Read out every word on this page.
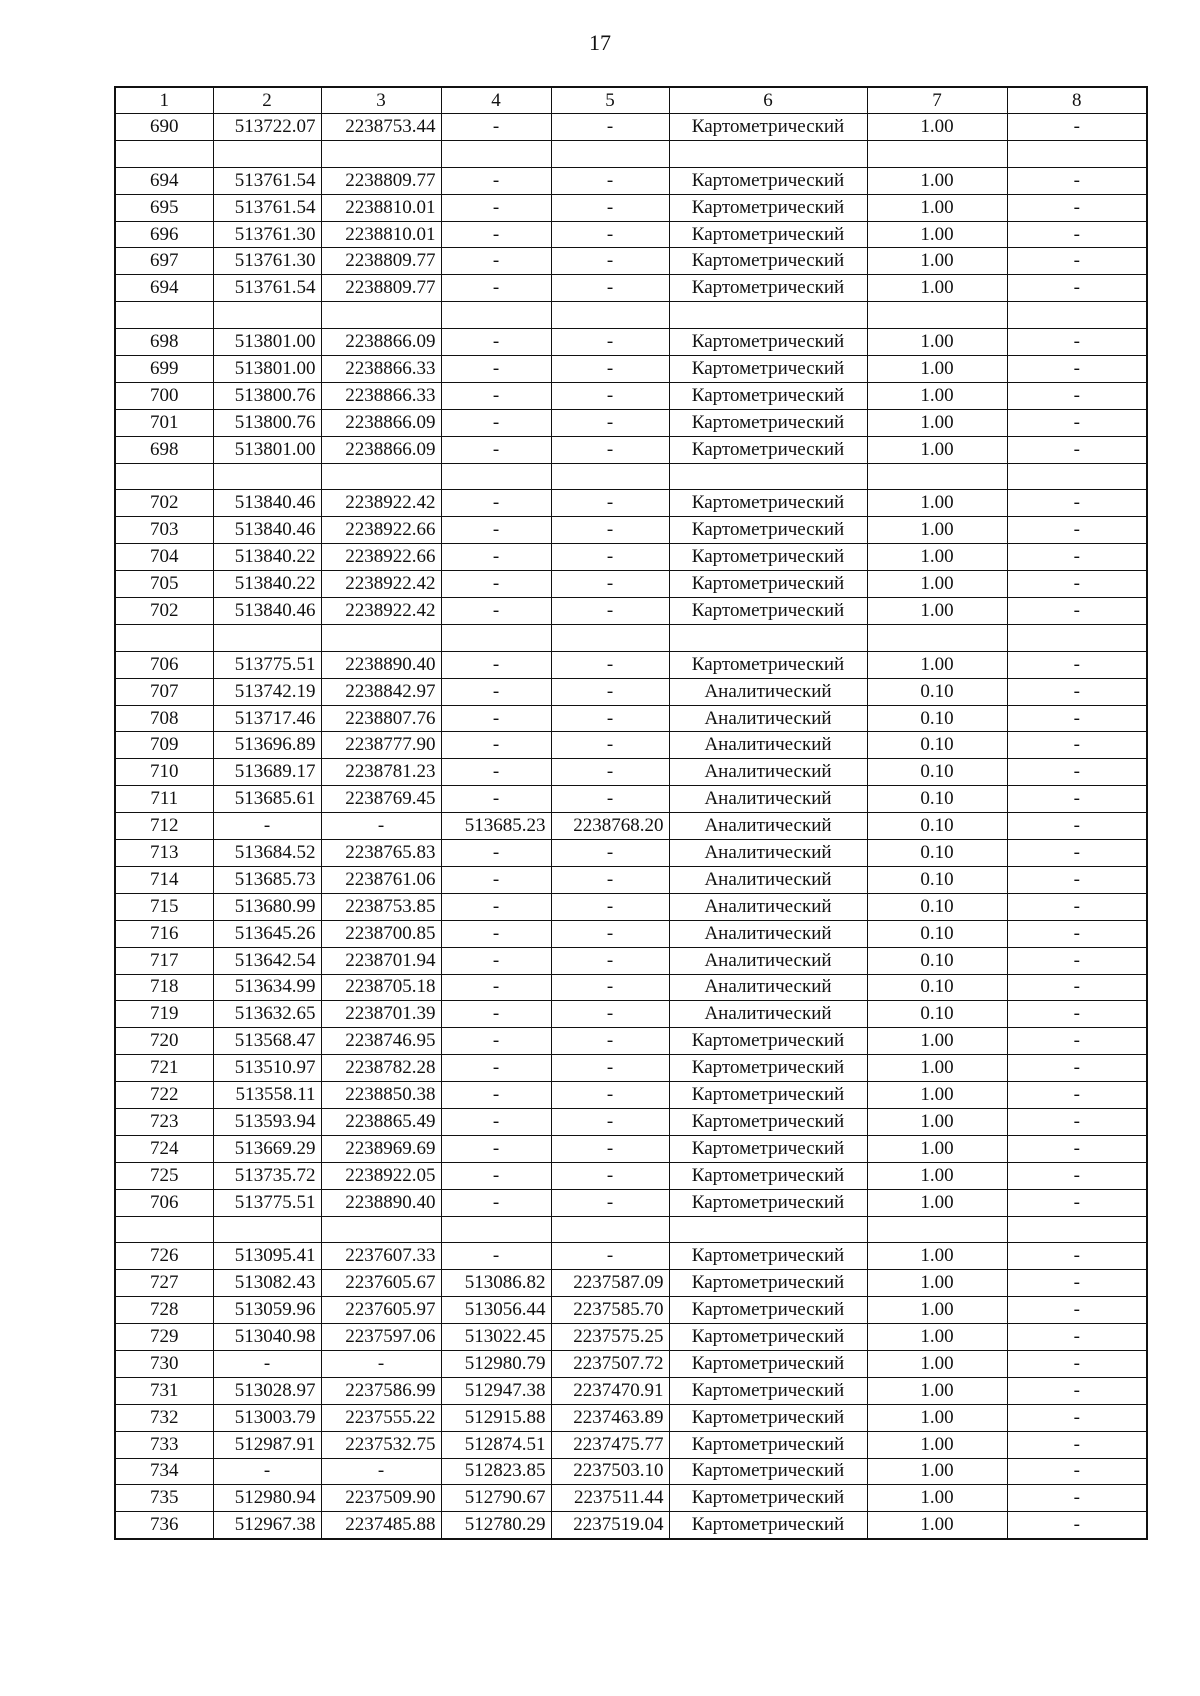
17
1	2	3	4	5	6	7	8
690	513722.07	2238753.44	-	-	Картометрический	1.00	-

694	513761.54	2238809.77	-	-	Картометрический	1.00	-
695	513761.54	2238810.01	-	-	Картометрический	1.00	-
696	513761.30	2238810.01	-	-	Картометрический	1.00	-
697	513761.30	2238809.77	-	-	Картометрический	1.00	-
694	513761.54	2238809.77	-	-	Картометрический	1.00	-

698	513801.00	2238866.09	-	-	Картометрический	1.00	-
699	513801.00	2238866.33	-	-	Картометрический	1.00	-
700	513800.76	2238866.33	-	-	Картометрический	1.00	-
701	513800.76	2238866.09	-	-	Картометрический	1.00	-
698	513801.00	2238866.09	-	-	Картометрический	1.00	-

702	513840.46	2238922.42	-	-	Картометрический	1.00	-
703	513840.46	2238922.66	-	-	Картометрический	1.00	-
704	513840.22	2238922.66	-	-	Картометрический	1.00	-
705	513840.22	2238922.42	-	-	Картометрический	1.00	-
702	513840.46	2238922.42	-	-	Картометрический	1.00	-

706	513775.51	2238890.40	-	-	Картометрический	1.00	-
707	513742.19	2238842.97	-	-	Аналитический	0.10	-
708	513717.46	2238807.76	-	-	Аналитический	0.10	-
709	513696.89	2238777.90	-	-	Аналитический	0.10	-
710	513689.17	2238781.23	-	-	Аналитический	0.10	-
711	513685.61	2238769.45	-	-	Аналитический	0.10	-
712	-	-	513685.23	2238768.20	Аналитический	0.10	-
713	513684.52	2238765.83	-	-	Аналитический	0.10	-
714	513685.73	2238761.06	-	-	Аналитический	0.10	-
715	513680.99	2238753.85	-	-	Аналитический	0.10	-
716	513645.26	2238700.85	-	-	Аналитический	0.10	-
717	513642.54	2238701.94	-	-	Аналитический	0.10	-
718	513634.99	2238705.18	-	-	Аналитический	0.10	-
719	513632.65	2238701.39	-	-	Аналитический	0.10	-
720	513568.47	2238746.95	-	-	Картометрический	1.00	-
721	513510.97	2238782.28	-	-	Картометрический	1.00	-
722	513558.11	2238850.38	-	-	Картометрический	1.00	-
723	513593.94	2238865.49	-	-	Картометрический	1.00	-
724	513669.29	2238969.69	-	-	Картометрический	1.00	-
725	513735.72	2238922.05	-	-	Картометрический	1.00	-
706	513775.51	2238890.40	-	-	Картометрический	1.00	-

726	513095.41	2237607.33	-	-	Картометрический	1.00	-
727	513082.43	2237605.67	513086.82	2237587.09	Картометрический	1.00	-
728	513059.96	2237605.97	513056.44	2237585.70	Картометрический	1.00	-
729	513040.98	2237597.06	513022.45	2237575.25	Картометрический	1.00	-
730	-	-	512980.79	2237507.72	Картометрический	1.00	-
731	513028.97	2237586.99	512947.38	2237470.91	Картометрический	1.00	-
732	513003.79	2237555.22	512915.88	2237463.89	Картометрический	1.00	-
733	512987.91	2237532.75	512874.51	2237475.77	Картометрический	1.00	-
734	-	-	512823.85	2237503.10	Картометрический	1.00	-
735	512980.94	2237509.90	512790.67	2237511.44	Картометрический	1.00	-
736	512967.38	2237485.88	512780.29	2237519.04	Картометрический	1.00	-
